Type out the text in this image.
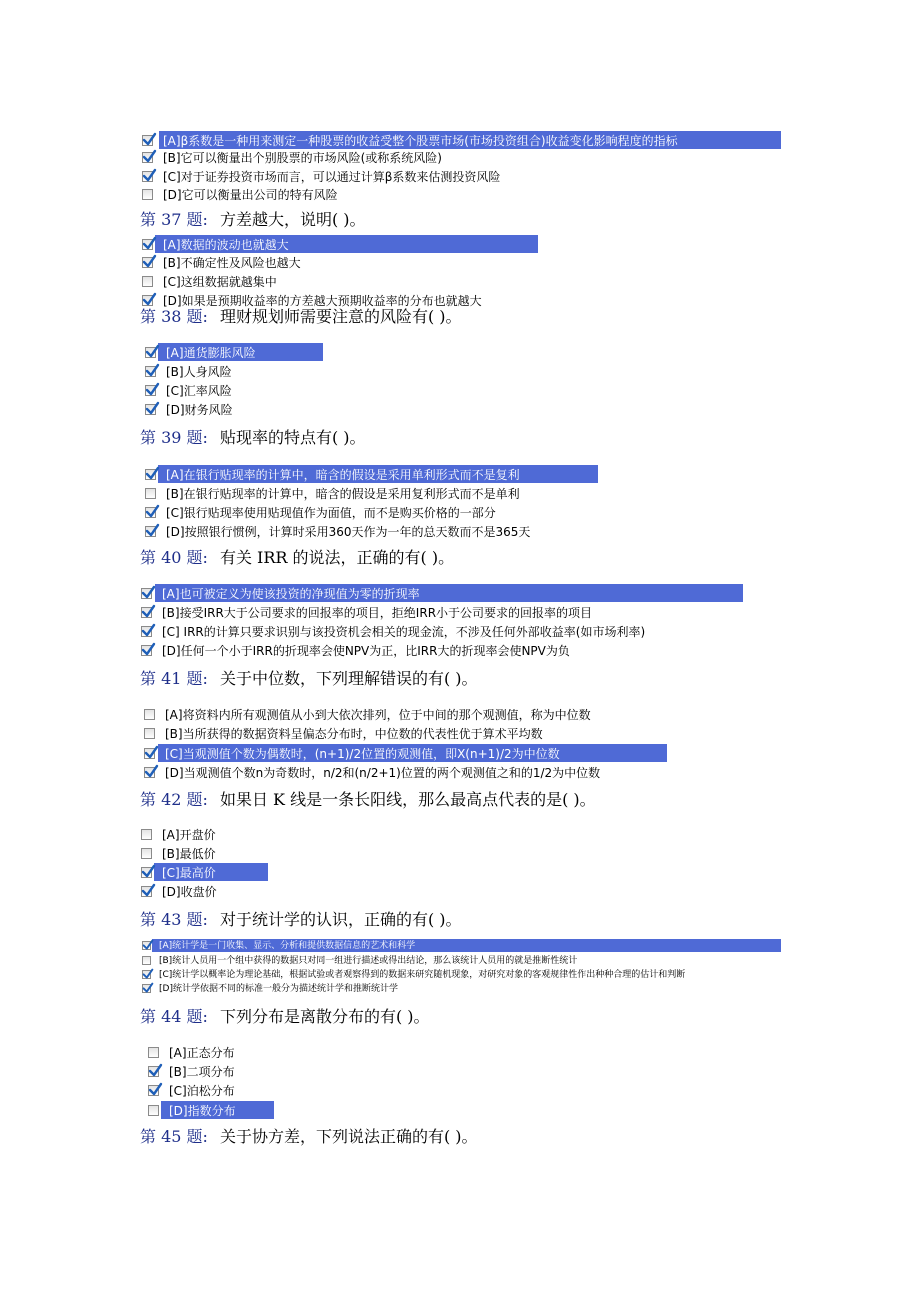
[A]β系数是一种用来测定一种股票的收益受整个股票市场(市场投资组合)收益变化影响程度的指标
[B]它可以衡量出个别股票的市场风险(或称系统风险)
[C]对于证券投资市场而言，可以通过计算β系数来估测投资风险
[D]它可以衡量出公司的特有风险
第 37 题: 方差越大，说明( )。
[A]数据的波动也就越大
[B]不确定性及风险也越大
[C]这组数据就越集中
[D]如果是预期收益率的方差越大预期收益率的分布也就越大
第 38 题: 理财规划师需要注意的风险有( )。
[A]通货膨胀风险
[B]人身风险
[C]汇率风险
[D]财务风险
第 39 题: 贴现率的特点有( )。
[A]在银行贴现率的计算中，暗含的假设是采用单利形式而不是复利
[B]在银行贴现率的计算中，暗含的假设是采用复利形式而不是单利
[C]银行贴现率使用贴现值作为面值，而不是购买价格的一部分
[D]按照银行惯例，计算时采用360天作为一年的总天数而不是365天
第 40 题: 有关 IRR 的说法，正确的有( )。
[A]也可被定义为使该投资的净现值为零的折现率
[B]接受IRR大于公司要求的回报率的项目，拒绝IRR小于公司要求的回报率的项目
[C] IRR的计算只要求识别与该投资机会相关的现金流，不涉及任何外部收益率(如市场利率)
[D]任何一个小于IRR的折现率会使NPV为正，比IRR大的折现率会使NPV为负
第 41 题: 关于中位数，下列理解错误的有( )。
[A]将资料内所有观测值从小到大依次排列，位于中间的那个观测值，称为中位数
[B]当所获得的数据资料呈偏态分布时，中位数的代表性优于算术平均数
[C]当观测值个数为偶数时，(n+1)/2位置的观测值，即X(n+1)/2为中位数
[D]当观测值个数n为奇数时，n/2和(n/2+1)位置的两个观测值之和的1/2为中位数
第 42 题: 如果日 K 线是一条长阳线，那么最高点代表的是( )。
[A]开盘价
[B]最低价
[C]最高价
[D]收盘价
第 43 题: 对于统计学的认识，正确的有( )。
[A]统计学是一门收集、显示、分析和提供数据信息的艺术和科学
[B]统计人员用一个组中获得的数据只对同一组进行描述或得出结论，那么该统计人员用的就是推断性统计
[C]统计学以概率论为理论基础，根据试验或者观察得到的数据来研究随机现象，对研究对象的客观规律性作出种种合理的估计和判断
[D]统计学依据不同的标准一般分为描述统计学和推断统计学
第 44 题: 下列分布是离散分布的有( )。
[A]正态分布
[B]二项分布
[C]泊松分布
[D]指数分布
第 45 题: 关于协方差，下列说法正确的有( )。
